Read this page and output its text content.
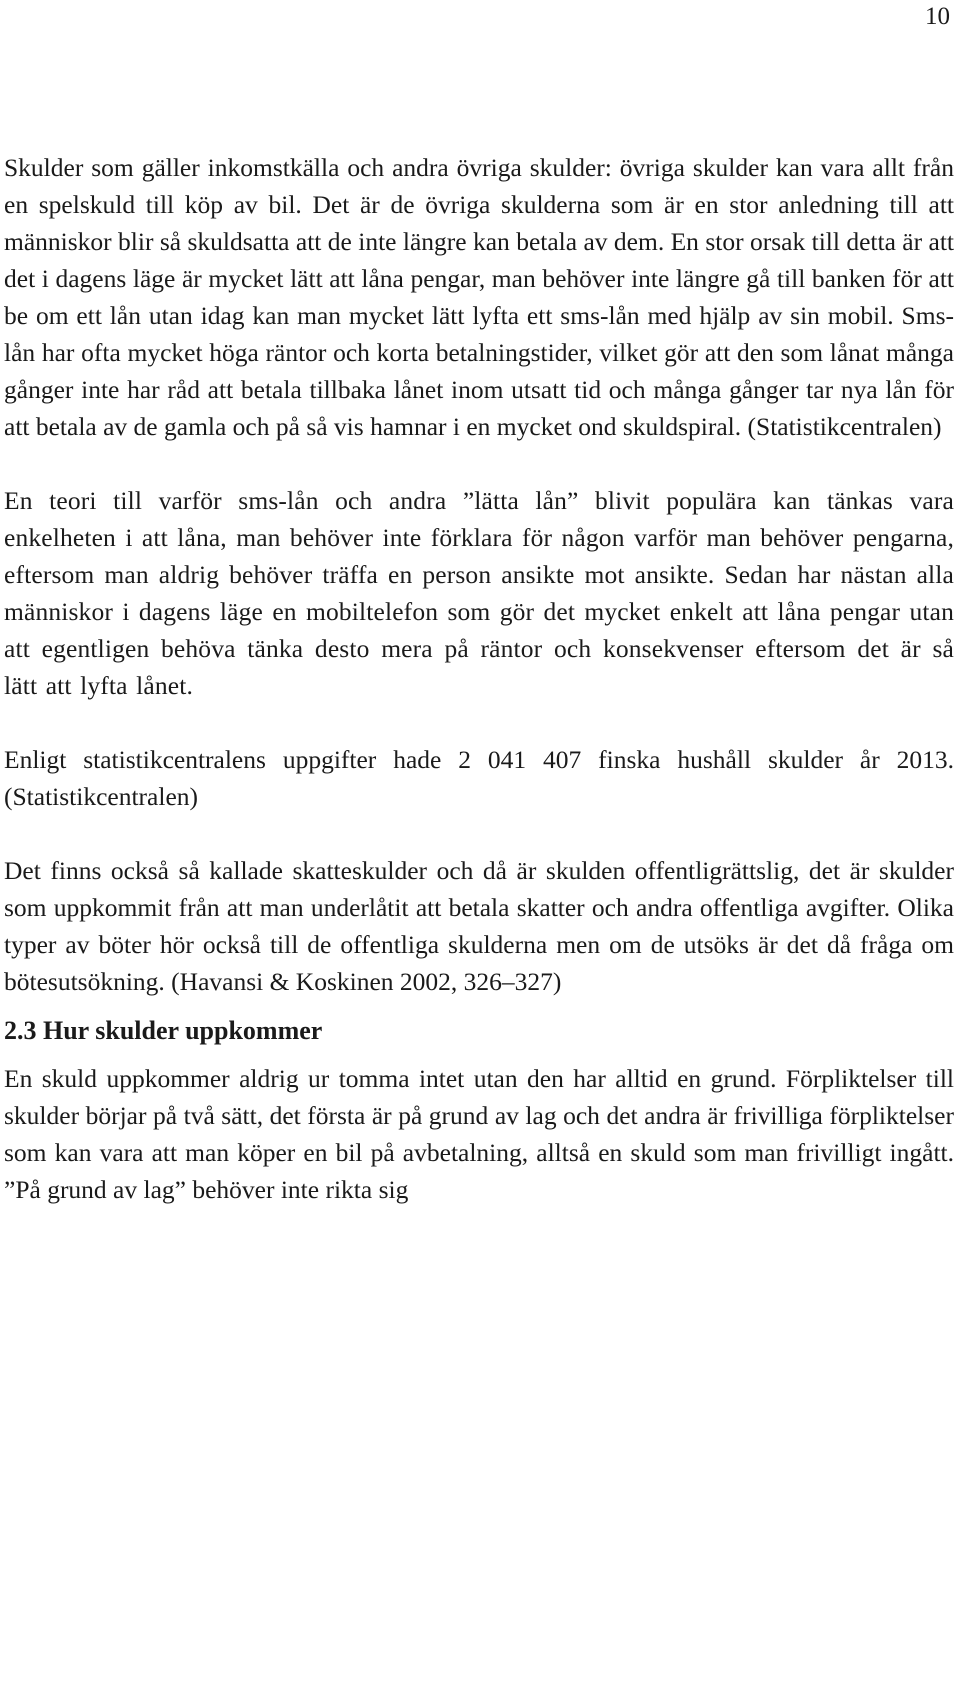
10

Skulder som gäller inkomstkälla och andra övriga skulder: övriga skulder kan vara allt från en spelskuld till köp av bil. Det är de övriga skulderna som är en stor anledning till att människor blir så skuldsatta att de inte längre kan betala av dem. En stor orsak till detta är att det i dagens läge är mycket lätt att låna pengar, man behöver inte längre gå till banken för att be om ett lån utan idag kan man mycket lätt lyfta ett sms-lån med hjälp av sin mobil. Sms-lån har ofta mycket höga räntor och korta betalningstider, vilket gör att den som lånat många gånger inte har råd att betala tillbaka lånet inom utsatt tid och många gånger tar nya lån för att betala av de gamla och på så vis hamnar i en mycket ond skuldspiral. (Statistikcentralen)

En teori till varför sms-lån och andra ”lätta lån” blivit populära kan tänkas vara enkelheten i att låna, man behöver inte förklara för någon varför man behöver pengarna, eftersom man aldrig behöver träffa en person ansikte mot ansikte. Sedan har nästan alla människor i dagens läge en mobiltelefon som gör det mycket enkelt att låna pengar utan att egentligen behöva tänka desto mera på räntor och konsekvenser eftersom det är så lätt att lyfta lånet.

Enligt statistikcentralens uppgifter hade 2 041 407 finska hushåll skulder år 2013. (Statistikcentralen)

Det finns också så kallade skatteskulder och då är skulden offentligrättslig, det är skulder som uppkommit från att man underlåtit att betala skatter och andra offentliga avgifter. Olika typer av böter hör också till de offentliga skulderna men om de utsöks är det då fråga om bötesutsökning. (Havansi & Koskinen 2002, 326–327)

2.3 Hur skulder uppkommer

En skuld uppkommer aldrig ur tomma intet utan den har alltid en grund. Förpliktelser till skulder börjar på två sätt, det första är på grund av lag och det andra är frivilliga förpliktelser som kan vara att man köper en bil på avbetalning, alltså en skuld som man frivilligt ingått. ”På grund av lag” behöver inte rikta sig
